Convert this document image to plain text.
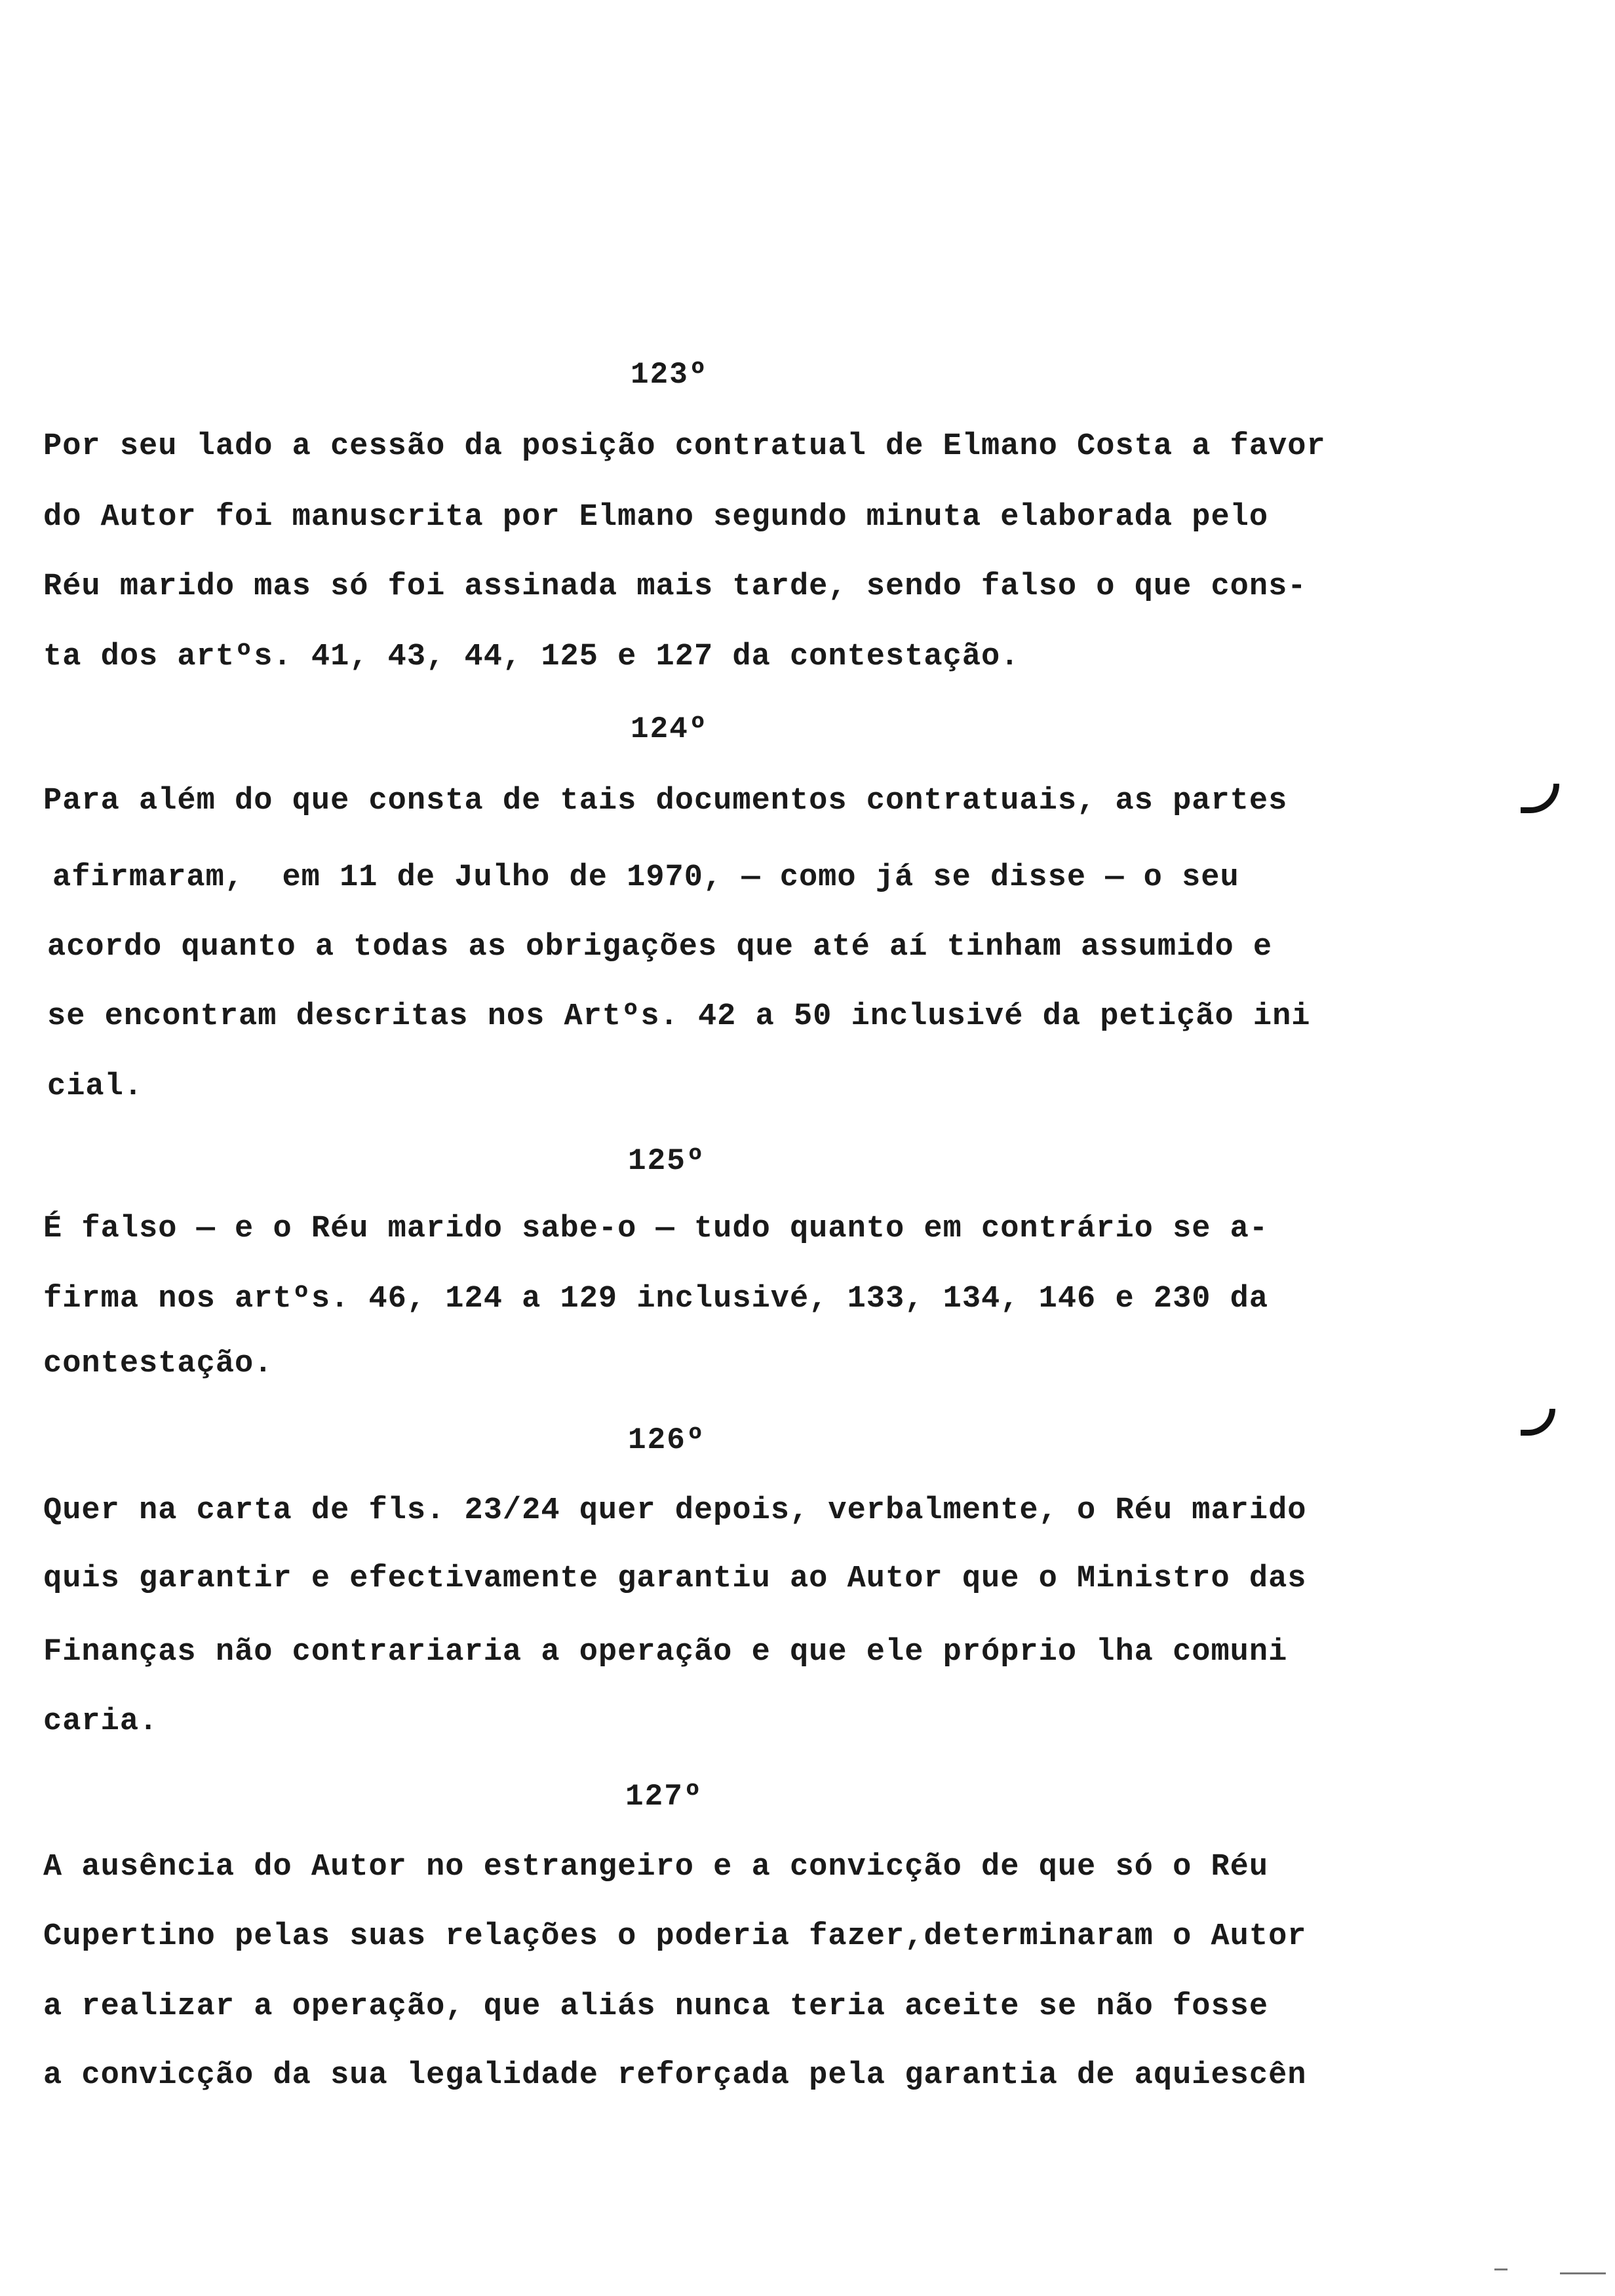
123º
Por seu lado a cessão da posição contratual de Elmano Costa a favor
do Autor foi manuscrita por Elmano segundo minuta elaborada pelo
Réu marido mas só foi assinada mais tarde, sendo falso o que cons-
ta dos artºs. 41, 43, 44, 125 e 127 da contestação.
124º
Para além do que consta de tais documentos contratuais, as partes
afirmaram,  em 11 de Julho de 1970, — como já se disse — o seu
acordo quanto a todas as obrigações que até aí tinham assumido e
se encontram descritas nos Artºs. 42 a 50 inclusivé da petição ini
cial.
125º
É falso — e o Réu marido sabe-o — tudo quanto em contrário se a-
firma nos artºs. 46, 124 a 129 inclusivé, 133, 134, 146 e 230 da
contestação.
126º
Quer na carta de fls. 23/24 quer depois, verbalmente, o Réu marido
quis garantir e efectivamente garantiu ao Autor que o Ministro das
Finanças não contrariaria a operação e que ele próprio lha comuni
caria.
127º
A ausência do Autor no estrangeiro e a convicção de que só o Réu
Cupertino pelas suas relações o poderia fazer,determinaram o Autor
a realizar a operação, que aliás nunca teria aceite se não fosse
a convicção da sua legalidade reforçada pela garantia de aquiescên
